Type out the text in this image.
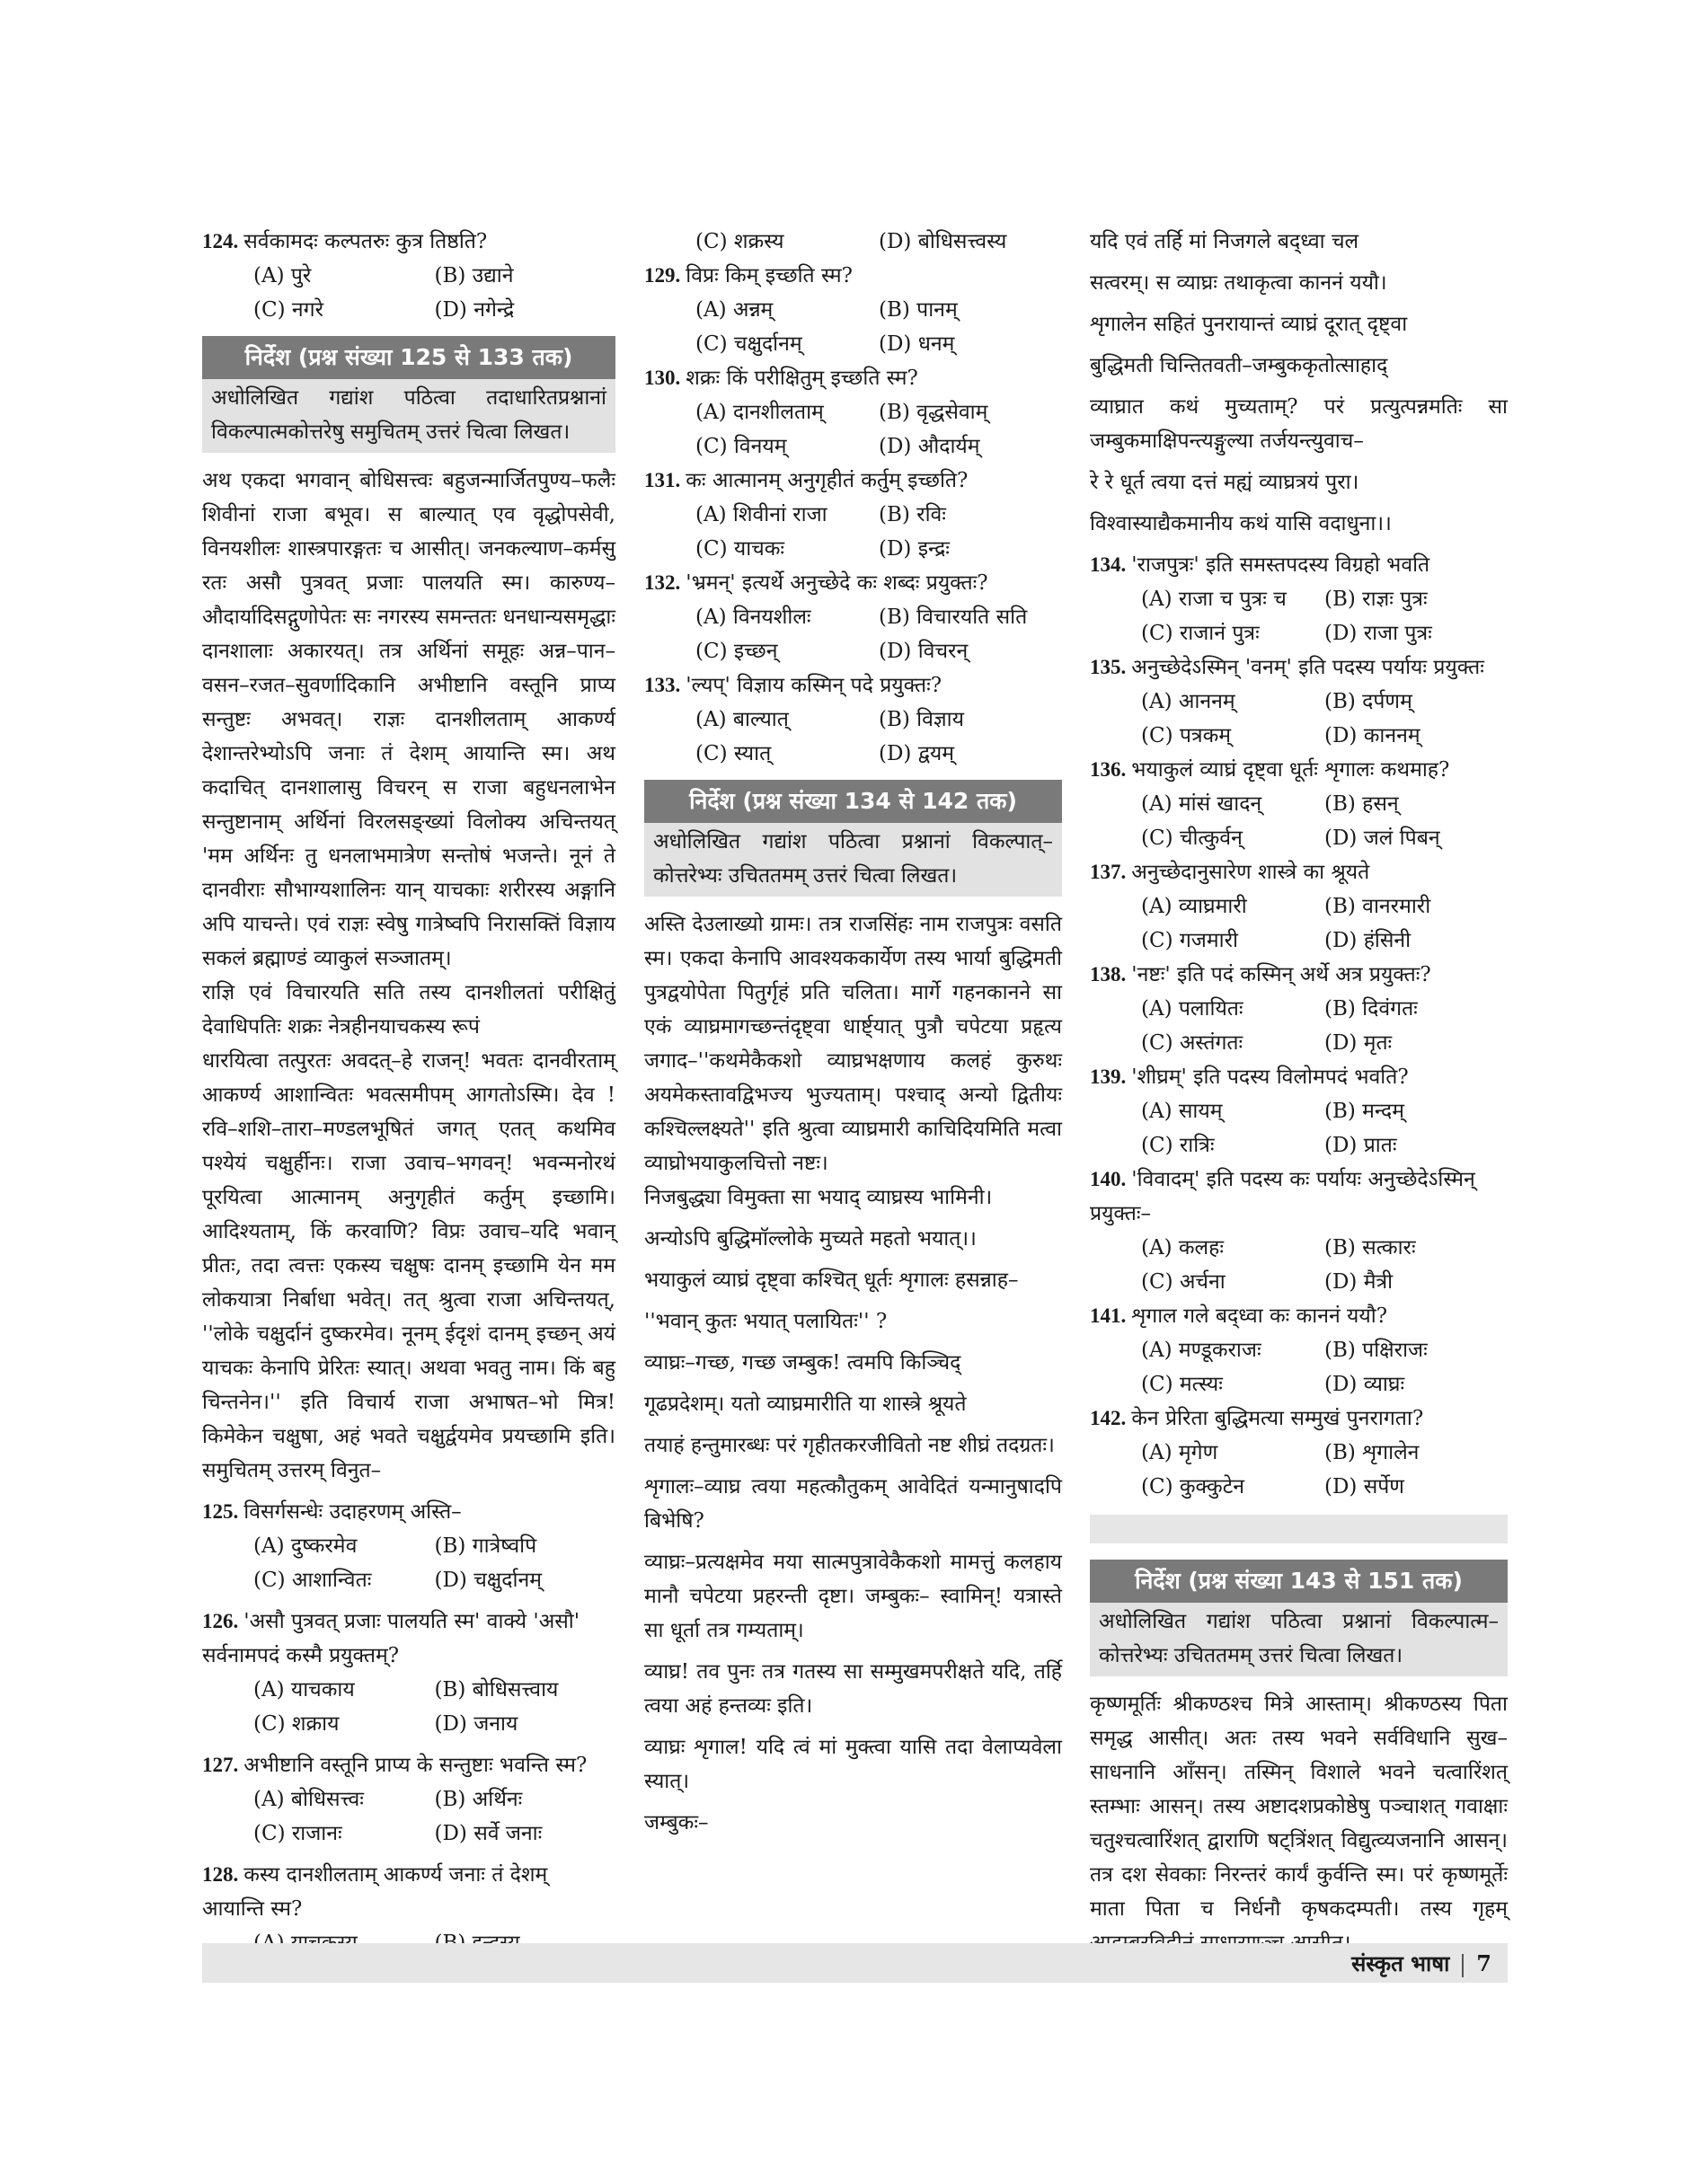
124. सर्वकामदः कल्पतरुः कुत्र तिष्ठति?

(A) पुरे	(B) उद्याने
(C) नगरे	(D) नगेन्द्रे
निर्देश (प्रश्न संख्या 125 से 133 तक)
अधोलिखित गद्यांश पठित्वा तदाधारितप्रश्नानां विकल्पात्मकोत्तरेषु समुचितम् उत्तरं चित्वा लिखत।

अथ एकदा भगवान् बोधिसत्त्वः बहुजन्मार्जितपुण्य–फलैः शिवीनां राजा बभूव। स बाल्यात् एव वृद्धोपसेवी, विनयशीलः शास्त्रपारङ्गतः च आसीत्। जनकल्याण–कर्मसु रतः असौ पुत्रवत् प्रजाः पालयति स्म। कारुण्य–औदार्यादिसद्गुणोपेतः सः नगरस्य समन्ततः धनधान्यसमृद्धाः दानशालाः अकारयत्। तत्र अर्थिनां समूहः अन्न–पान–वसन–रजत–सुवर्णादिकानि अभीष्टानि वस्तूनि प्राप्य सन्तुष्टः अभवत्। राज्ञः दानशीलताम् आकर्ण्य देशान्तरेभ्योऽपि जनाः तं देशम् आयान्ति स्म। अथ कदाचित् दानशालासु विचरन् स राजा बहुधनलाभेन सन्तुष्टानाम् अर्थिनां विरलसङ्ख्यां विलोक्य अचिन्तयत् 'मम अर्थिनः तु धनलाभमात्रेण सन्तोषं भजन्ते। नूनं ते दानवीराः सौभाग्यशालिनः यान् याचकाः शरीरस्य अङ्गानि अपि याचन्ते। एवं राज्ञः स्वेषु गात्रेष्वपि निरासक्तिं विज्ञाय सकलं ब्रह्माण्डं व्याकुलं सञ्जातम्।

राज्ञि एवं विचारयति सति तस्य दानशीलतां परीक्षितुं देवाधिपतिः शक्रः नेत्रहीनयाचकस्य रूपं

धारयित्वा तत्पुरतः अवदत्–हे राजन्! भवतः दानवीरताम् आकर्ण्य आशान्वितः भवत्समीपम् आगतोऽस्मि। देव ! रवि–शशि–तारा–मण्डलभूषितं जगत् एतत् कथमिव पश्येयं चक्षुर्हीनः। राजा उवाच–भगवन्! भवन्मनोरथं पूरयित्वा आत्मानम् अनुगृहीतं कर्तुम् इच्छामि। आदिश्यताम्, किं करवाणि? विप्रः उवाच–यदि भवान् प्रीतः, तदा त्वत्तः एकस्य चक्षुषः दानम् इच्छामि येन मम लोकयात्रा निर्बाधा भवेत्। तत् श्रुत्वा राजा अचिन्तयत्, ''लोके चक्षुर्दानं दुष्करमेव। नूनम् ईदृशं दानम् इच्छन् अयं याचकः केनापि प्रेरितः स्यात्। अथवा भवतु नाम। किं बहु चिन्तनेन।'' इति विचार्य राजा अभाषत–भो मित्र! किमेकेन चक्षुषा, अहं भवते चक्षुर्द्वयमेव प्रयच्छामि इति। समुचितम् उत्तरम् विनुत–

125. विसर्गसन्धेः उदाहरणम् अस्ति–

(A) दुष्करमेव	(B) गात्रेष्वपि
(C) आशान्वितः	(D) चक्षुर्दानम्

126. 'असौ पुत्रवत् प्रजाः पालयति स्म' वाक्ये 'असौ' सर्वनामपदं कस्मै प्रयुक्तम्?

(A) याचकाय	(B) बोधिसत्त्वाय
(C) शक्राय	(D) जनाय

127. अभीष्टानि वस्तूनि प्राप्य के सन्तुष्टाः भवन्ति स्म?

(A) बोधिसत्त्वः	(B) अर्थिनः
(C) राजानः	(D) सर्वे जनाः

128. कस्य दानशीलताम् आकर्ण्य जनाः तं देशम् आयान्ति स्म?

(C) शक्रस्य	(D) बोधिसत्त्वस्य

129. विप्रः किम् इच्छति स्म?

(A) अन्नम्	(B) पानम्
(C) चक्षुर्दानम्	(D) धनम्

130. शक्रः किं परीक्षितुम् इच्छति स्म?

(A) दानशीलताम्	(B) वृद्धसेवाम्
(C) विनयम्	(D) औदार्यम्

131. कः आत्मानम् अनुगृहीतं कर्तुम् इच्छति?

(A) शिवीनां राजा	(B) रविः
(C) याचकः	(D) इन्द्रः

132. 'भ्रमन्' इत्यर्थे अनुच्छेदे कः शब्दः प्रयुक्तः?

(A) विनयशीलः	(B) विचारयति सति
(C) इच्छन्	(D) विचरन्

133. 'ल्यप्' विज्ञाय कस्मिन् पदे प्रयुक्तः?

(A) बाल्यात्	(B) विज्ञाय
(C) स्यात्	(D) द्वयम्
निर्देश (प्रश्न संख्या 134 से 142 तक)
अधोलिखित गद्यांश पठित्वा प्रश्नानां विकल्पात्–कोत्तरेभ्यः उचिततमम् उत्तरं चित्वा लिखत।

अस्ति देउलाख्यो ग्रामः। तत्र राजसिंहः नाम राजपुत्रः वसति स्म। एकदा केनापि आवश्यककार्येण तस्य भार्या बुद्धिमती पुत्रद्वयोपेता पितुर्गृहं प्रति चलिता। मार्गे गहनकानने सा एकं व्याघ्रमागच्छन्तंदृष्ट्वा धार्ष्ट्यात् पुत्रौ चपेटया प्रहृत्य जगाद–''कथमेकैकशो व्याघ्रभक्षणाय कलहं कुरुथः अयमेकस्तावद्विभज्य भुज्यताम्। पश्चाद् अन्यो द्वितीयः कश्चिल्लक्ष्यते'' इति श्रुत्वा व्याघ्रमारी काचिदियमिति मत्वा व्याघ्रोभयाकुलचित्तो नष्टः।

निजबुद्ध्या विमुक्ता सा भयाद् व्याघ्रस्य भामिनी।

अन्योऽपि बुद्धिमॉल्लोके मुच्यते महतो भयात्।।

भयाकुलं व्याघ्रं दृष्ट्वा कश्चित् धूर्तः शृगालः हसन्नाह–

''भवान् कुतः भयात् पलायितः'' ?

व्याघ्रः–गच्छ, गच्छ जम्बुक! त्वमपि किञ्चिद्

गूढप्रदेशम्। यतो व्याघ्रमारीति या शास्त्रे श्रूयते

तयाहं हन्तुमारब्धः परं गृहीतकरजीवितो नष्ट शीघ्रं तदग्रतः।

शृगालः–व्याघ्र त्वया महत्कौतुकम् आवेदितं यन्मानुषादपि बिभेषि?

व्याघ्रः–प्रत्यक्षमेव मया सात्मपुत्रावेकैकशो मामत्तुं कलहाय मानौ चपेटया प्रहरन्ती दृष्टा। जम्बुकः– स्वामिन्! यत्रास्ते सा धूर्ता तत्र गम्यताम्।

व्याघ्र! तव पुनः तत्र गतस्य सा सम्मुखमपरीक्षते यदि, तर्हि त्वया अहं हन्तव्यः इति।

व्याघ्रः शृगाल! यदि त्वं मां मुक्त्वा यासि तदा वेलाप्यवेला स्यात्।

जम्बुकः–

यदि एवं तर्हि मां निजगले बद्ध्वा चल

सत्वरम्। स व्याघ्रः तथाकृत्वा काननं ययौ।

शृगालेन सहितं पुनरायान्तं व्याघ्रं दूरात् दृष्ट्वा

बुद्धिमती चिन्तितवती–जम्बुककृतोत्साहाद्

व्याघ्रात कथं मुच्यताम्? परं प्रत्युत्पन्नमतिः सा जम्बुकमाक्षिपन्त्यङ्गुल्या तर्जयन्त्युवाच–

रे रे धूर्त त्वया दत्तं मह्यं व्याघ्रत्रयं पुरा।

विश्वास्याद्यैकमानीय कथं यासि वदाधुना।।

134. 'राजपुत्रः' इति समस्तपदस्य विग्रहो भवति

(A) राजा च पुत्रः च	(B) राज्ञः पुत्रः
(C) राजानं पुत्रः	(D) राजा पुत्रः

135. अनुच्छेदेऽस्मिन् 'वनम्' इति पदस्य पर्यायः प्रयुक्तः

(A) आननम्	(B) दर्पणम्
(C) पत्रकम्	(D) काननम्

136. भयाकुलं व्याघ्रं दृष्ट्वा धूर्तः शृगालः कथमाह?

(A) मांसं खादन्	(B) हसन्
(C) चीत्कुर्वन्	(D) जलं पिबन्

137. अनुच्छेदानुसारेण शास्त्रे का श्रूयते

(A) व्याघ्रमारी	(B) वानरमारी
(C) गजमारी	(D) हंसिनी

138. 'नष्टः' इति पदं कस्मिन् अर्थे अत्र प्रयुक्तः?

(A) पलायितः	(B) दिवंगतः
(C) अस्तंगतः	(D) मृतः

139. 'शीघ्रम्' इति पदस्य विलोमपदं भवति?

(A) सायम्	(B) मन्दम्
(C) रात्रिः	(D) प्रातः

140. 'विवादम्' इति पदस्य कः पर्यायः अनुच्छेदेऽस्मिन् प्रयुक्तः–

(A) कलहः	(B) सत्कारः
(C) अर्चना	(D) मैत्री

141. शृगाल गले बद्ध्वा कः काननं ययौ?

(A) मण्डूकराजः	(B) पक्षिराजः
(C) मत्स्यः	(D) व्याघ्रः

142. केन प्रेरिता बुद्धिमत्या सम्मुखं पुनरागता?

(A) मृगेण	(B) शृगालेन
(C) कुक्कुटेन	(D) सर्पेण
निर्देश (प्रश्न संख्या 143 से 151 तक)
अधोलिखित गद्यांश पठित्वा प्रश्नानां विकल्पात्म–कोत्तरेभ्यः उचिततमम् उत्तरं चित्वा लिखत।

कृष्णमूर्तिः श्रीकण्ठश्च मित्रे आस्ताम्। श्रीकण्ठस्य पिता समृद्ध आसीत्। अतः तस्य भवने सर्वविधानि सुख–साधनानि आँसन्। तस्मिन् विशाले भवने चत्वारिंशत् स्तम्भाः आसन्। तस्य अष्टादशप्रकोष्ठेषु पञ्चाशत् गवाक्षाः चतुश्चत्वारिंशत् द्वाराणि षट्त्रिंशत् विद्युत्व्यजनानि आसन्। तत्र दश सेवकाः निरन्तरं कार्यं कुर्वन्ति स्म। परं कृष्णमूर्तेः माता पिता च निर्धनौ कृषकदम्पती। तस्य गृहम्

संस्कृत भाषा 7
